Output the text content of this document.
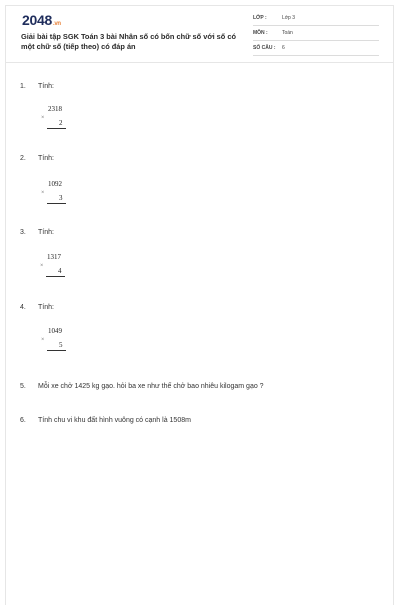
2048.vn
Giải bài tập SGK Toán 3 bài Nhân số có bốn chữ số với số có một chữ số (tiếp theo) có đáp án
LỚP :	Lớp 3
MÔN :	Toán
SỐ CÂU : 6
1. Tính:
2318
×
2
2. Tính:
1092
×
3
3. Tính:
1317
×
4
4. Tính:
1049
×
5
5. Mỗi xe chở 1425 kg gạo. hỏi ba xe như thế chở bao nhiêu kilogam gạo ?
6. Tính chu vi khu đất hình vuông có cạnh là 1508m
